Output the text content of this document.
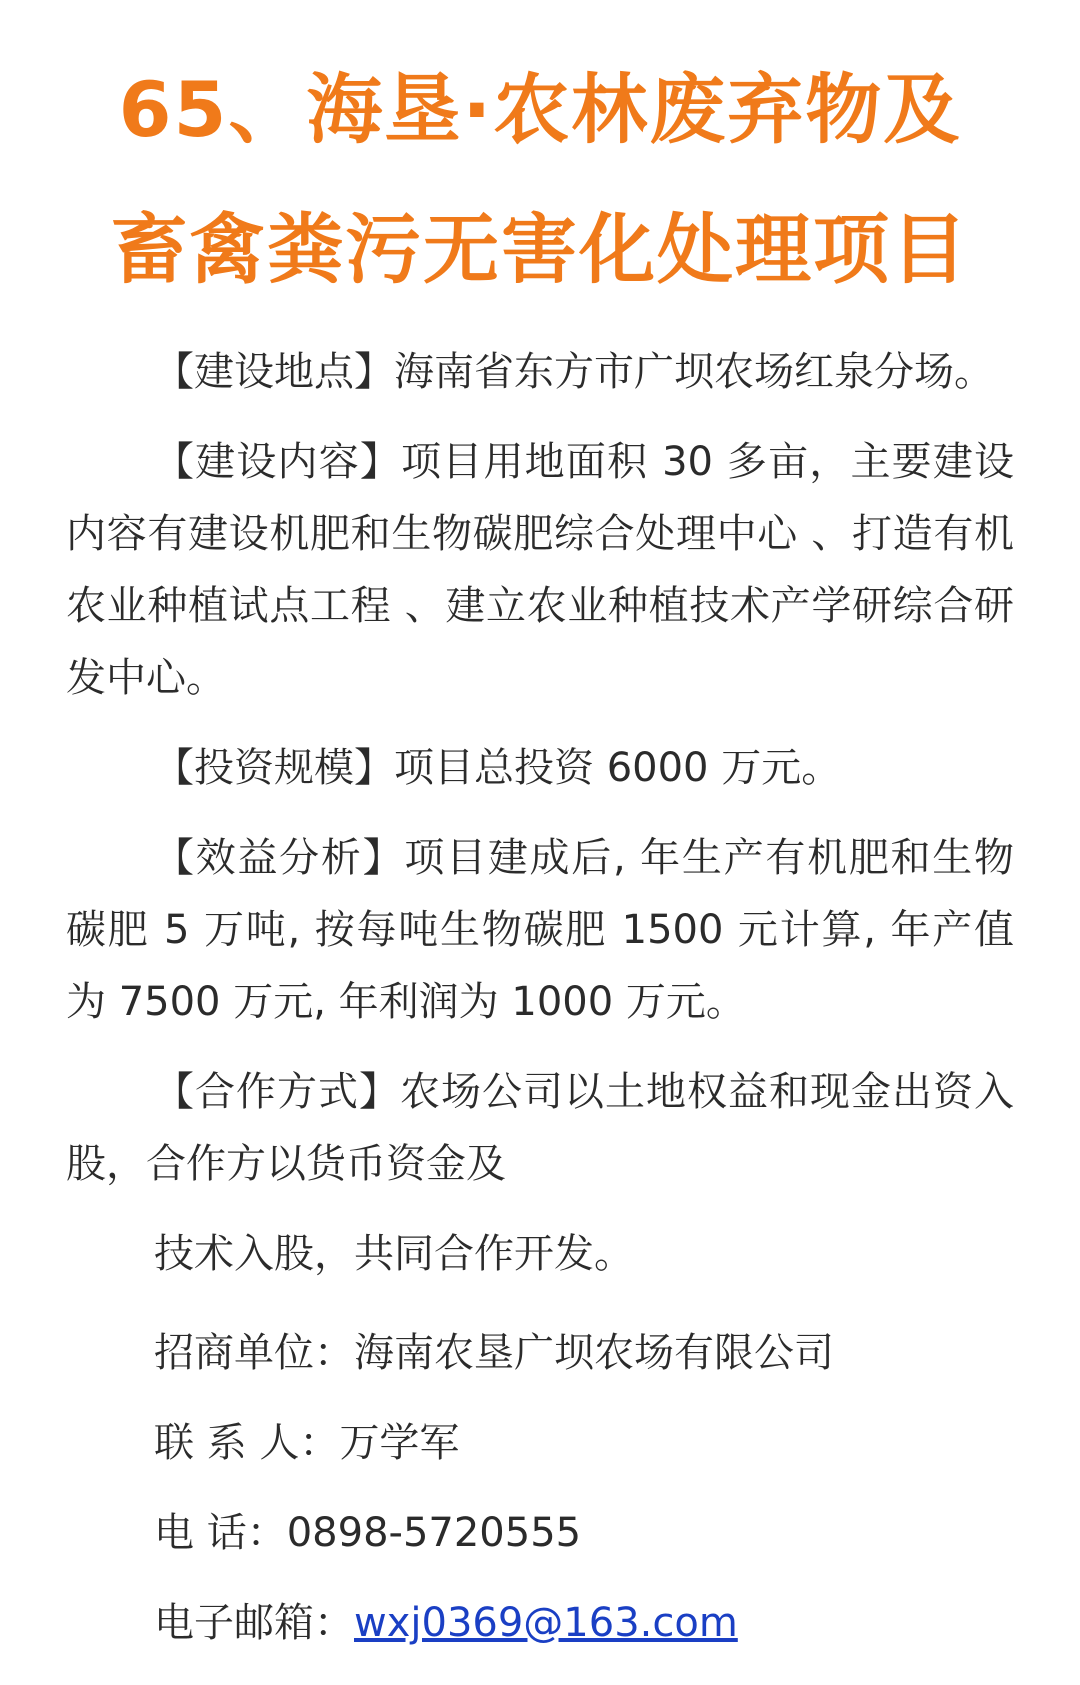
65、海垦·农林废弃物及
畜禽粪污无害化处理项目

【建设地点】海南省东方市广坝农场红泉分场。

【建设内容】项目用地面积 30 多亩，主要建设内容有建设机肥和生物碳肥综合处理中心 、打造有机农业种植试点工程 、建立农业种植技术产学研综合研发中心。

【投资规模】项目总投资 6000 万元。

【效益分析】项目建成后, 年生产有机肥和生物碳肥 5 万吨, 按每吨生物碳肥 1500 元计算, 年产值为 7500 万元, 年利润为 1000 万元。

【合作方式】农场公司以土地权益和现金出资入股，合作方以货币资金及

技术入股，共同合作开发。

招商单位：海南农垦广坝农场有限公司

联 系 人：万学军

电 话：0898-5720555

电子邮箱：wxj0369@163.com
